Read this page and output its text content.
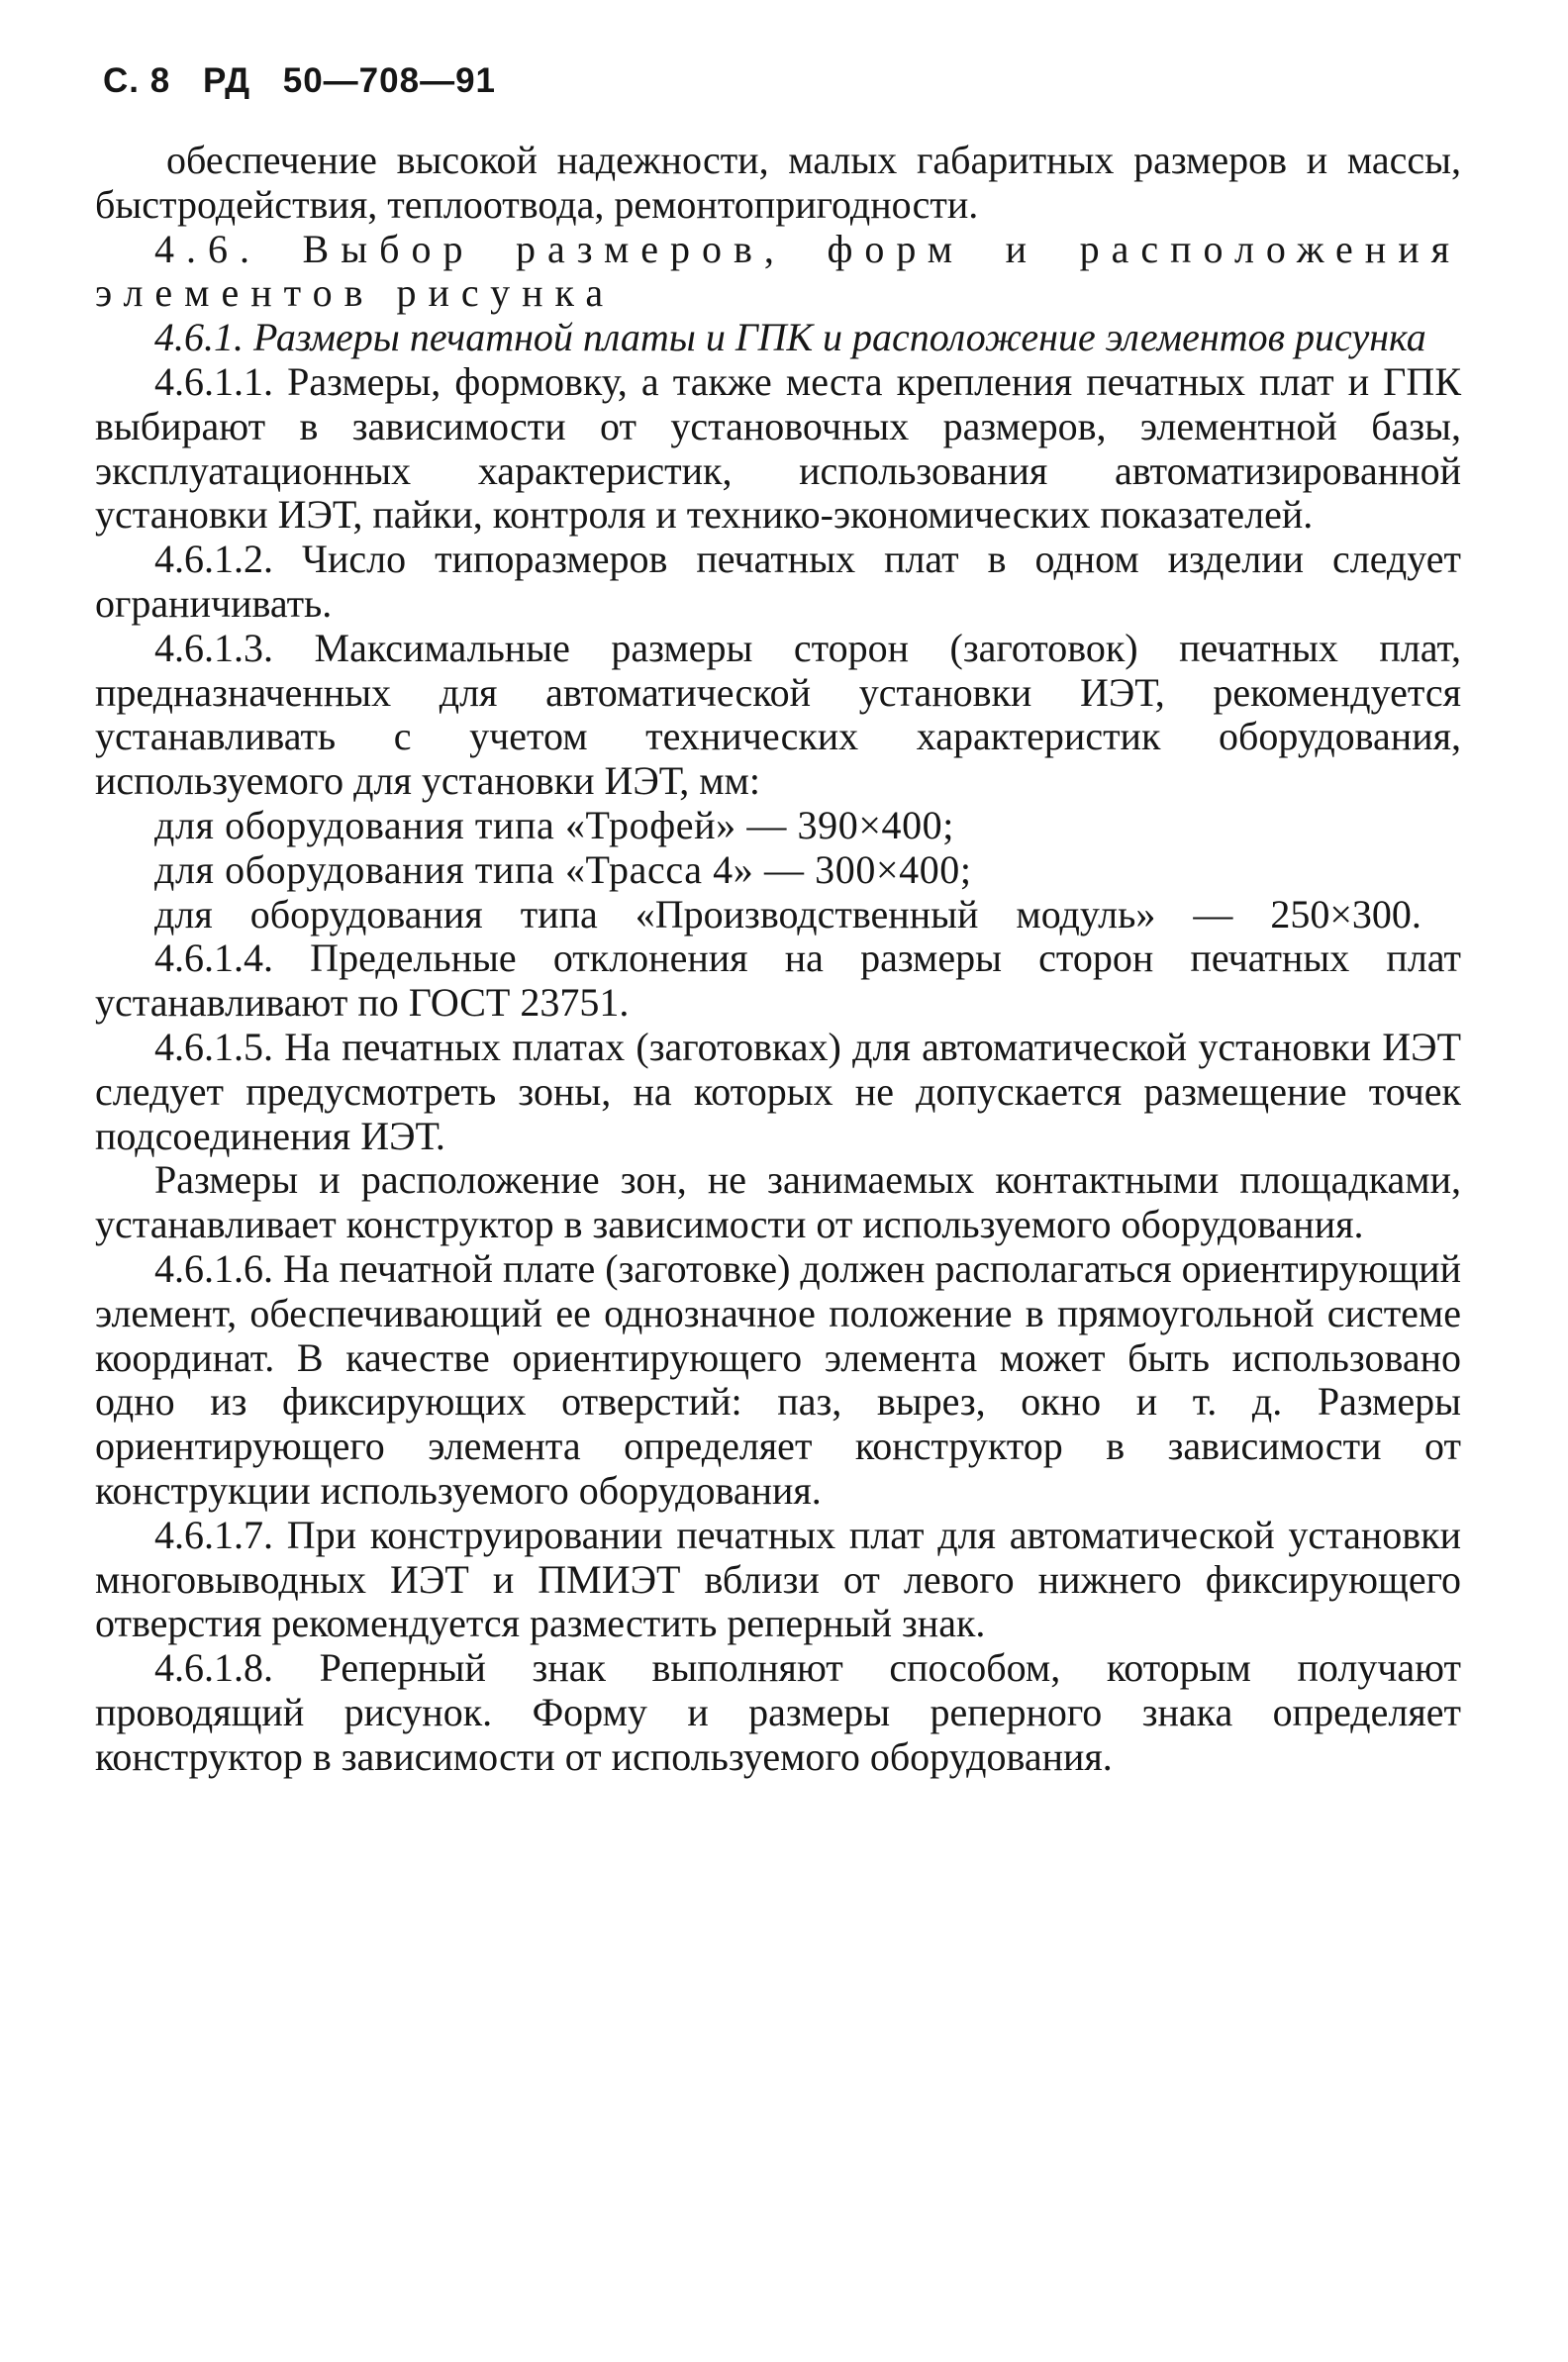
С. 8 РД 50—708—91

обеспечение высокой надежности, малых габаритных размеров и массы, быстродействия, теплоотвода, ремонтопригодности.

4.6. Выбор размеров, форм и расположения элементов рисунка

4.6.1. Размеры печатной платы и ГПК и расположение элементов рисунка

4.6.1.1. Размеры, формовку, а также места крепления печатных плат и ГПК выбирают в зависимости от установочных размеров, элементной базы, эксплуатационных характеристик, использования автоматизированной установки ИЭТ, пайки, контроля и технико-экономических показателей.

4.6.1.2. Число типоразмеров печатных плат в одном изделии следует ограничивать.

4.6.1.3. Максимальные размеры сторон (заготовок) печатных плат, предназначенных для автоматической установки ИЭТ, рекомендуется устанавливать с учетом технических характеристик оборудования, используемого для установки ИЭТ, мм:

для оборудования типа «Трофей» — 390×400;

для оборудования типа «Трасса 4» — 300×400;

для оборудования типа «Производственный модуль» — 250×300.

4.6.1.4. Предельные отклонения на размеры сторон печатных плат устанавливают по ГОСТ 23751.

4.6.1.5. На печатных платах (заготовках) для автоматической установки ИЭТ следует предусмотреть зоны, на которых не допускается размещение точек подсоединения ИЭТ.

Размеры и расположение зон, не занимаемых контактными площадками, устанавливает конструктор в зависимости от используемого оборудования.

4.6.1.6. На печатной плате (заготовке) должен располагаться ориентирующий элемент, обеспечивающий ее однозначное положение в прямоугольной системе координат. В качестве ориентирующего элемента может быть использовано одно из фиксирующих отверстий: паз, вырез, окно и т. д. Размеры ориентирующего элемента определяет конструктор в зависимости от конструкции используемого оборудования.

4.6.1.7. При конструировании печатных плат для автоматической установки многовыводных ИЭТ и ПМИЭТ вблизи от левого нижнего фиксирующего отверстия рекомендуется разместить реперный знак.

4.6.1.8. Реперный знак выполняют способом, которым получают проводящий рисунок. Форму и размеры реперного знака определяет конструктор в зависимости от используемого оборудования.
